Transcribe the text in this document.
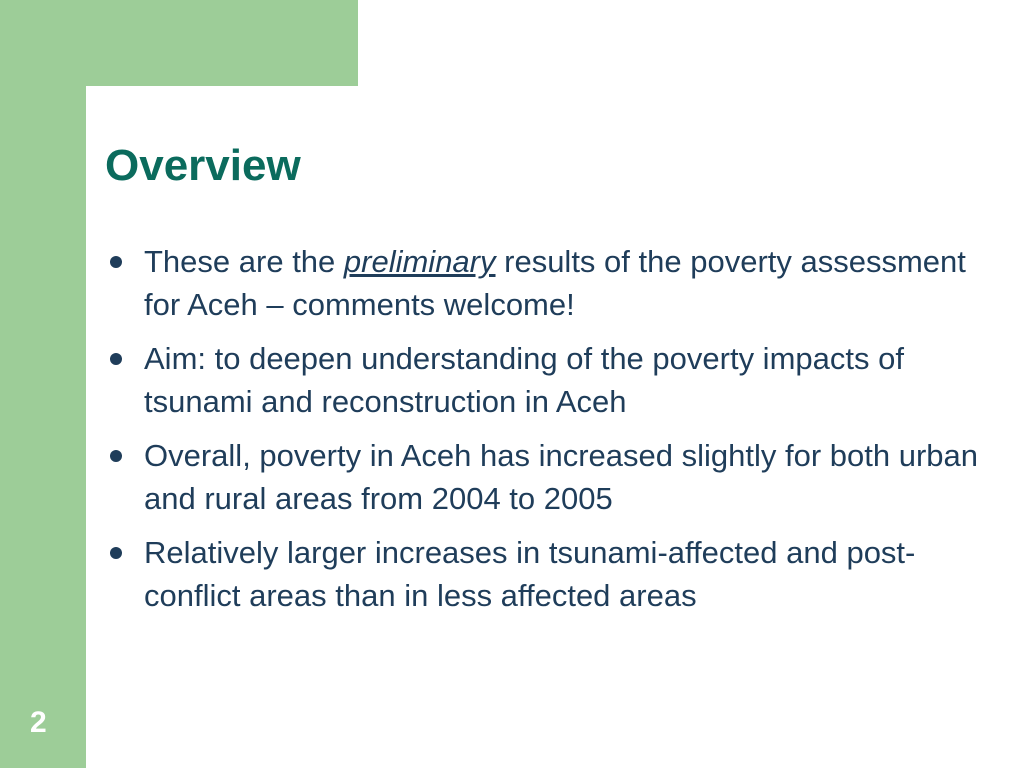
Overview
These are the preliminary results of the poverty assessment for Aceh – comments welcome!
Aim: to deepen understanding of the poverty impacts of tsunami and reconstruction in Aceh
Overall, poverty in Aceh has increased slightly for both urban and rural areas from 2004 to 2005
Relatively larger increases in tsunami-affected and post-conflict areas than in less affected areas
2
